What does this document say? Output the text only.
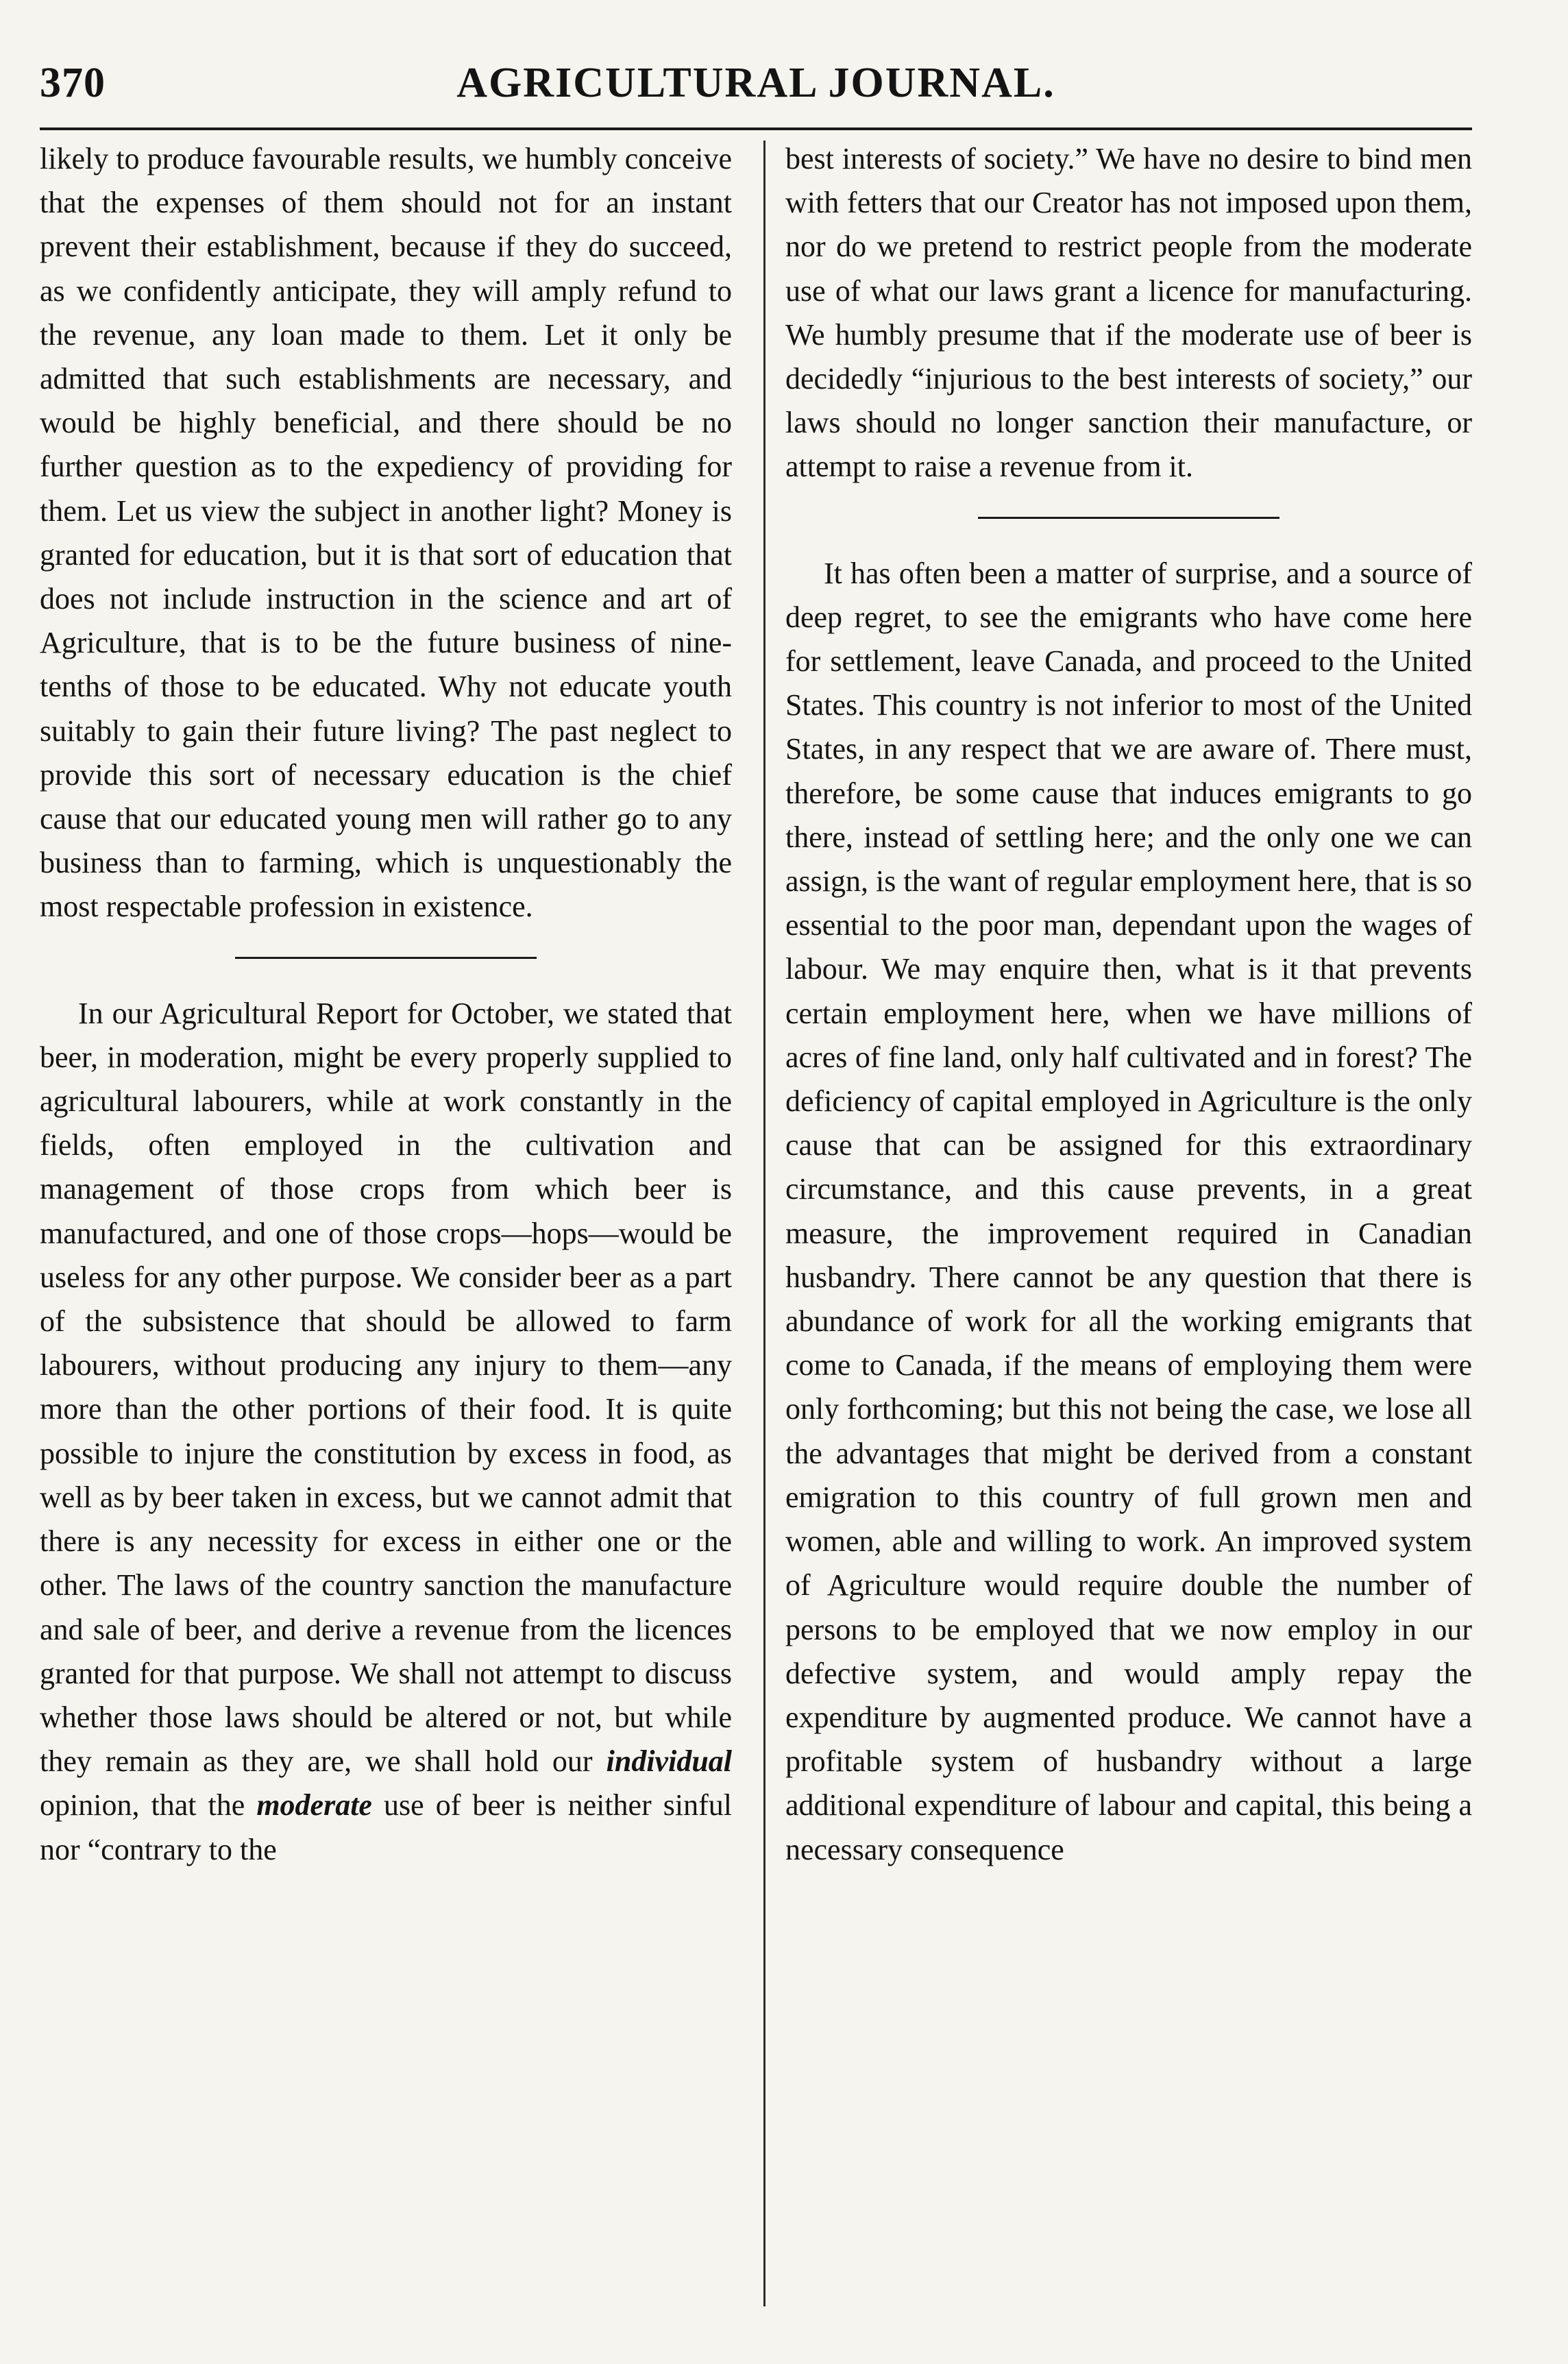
AGRICULTURAL JOURNAL.
370

likely to produce favourable results, we humbly conceive that the expenses of them should not for an instant prevent their establishment, because if they do succeed, as we confidently anticipate, they will amply refund to the revenue, any loan made to them. Let it only be admitted that such establishments are necessary, and would be highly beneficial, and there should be no further question as to the expediency of providing for them. Let us view the subject in another light? Money is granted for education, but it is that sort of education that does not include instruction in the science and art of Agriculture, that is to be the future business of nine-tenths of those to be educated. Why not educate youth suitably to gain their future living? The past neglect to provide this sort of necessary education is the chief cause that our educated young men will rather go to any business than to farming, which is unquestionably the most respectable profession in existence.

In our Agricultural Report for October, we stated that beer, in moderation, might be every properly supplied to agricultural labourers, while at work constantly in the fields, often employed in the cultivation and management of those crops from which beer is manufactured, and one of those crops—hops—would be useless for any other purpose. We consider beer as a part of the subsistence that should be allowed to farm labourers, without producing any injury to them—any more than the other portions of their food. It is quite possible to injure the constitution by excess in food, as well as by beer taken in excess, but we cannot admit that there is any necessity for excess in either one or the other. The laws of the country sanction the manufacture and sale of beer, and derive a revenue from the licences granted for that purpose. We shall not attempt to discuss whether those laws should be altered or not, but while they remain as they are, we shall hold our individual opinion, that the moderate use of beer is neither sinful nor “contrary to the

best interests of society.” We have no desire to bind men with fetters that our Creator has not imposed upon them, nor do we pretend to restrict people from the moderate use of what our laws grant a licence for manufacturing. We humbly presume that if the moderate use of beer is decidedly “injurious to the best interests of society,” our laws should no longer sanction their manufacture, or attempt to raise a revenue from it.

It has often been a matter of surprise, and a source of deep regret, to see the emigrants who have come here for settlement, leave Canada, and proceed to the United States. This country is not inferior to most of the United States, in any respect that we are aware of. There must, therefore, be some cause that induces emigrants to go there, instead of settling here; and the only one we can assign, is the want of regular employment here, that is so essential to the poor man, dependant upon the wages of labour. We may enquire then, what is it that prevents certain employment here, when we have millions of acres of fine land, only half cultivated and in forest? The deficiency of capital employed in Agriculture is the only cause that can be assigned for this extraordinary circumstance, and this cause prevents, in a great measure, the improvement required in Canadian husbandry. There cannot be any question that there is abundance of work for all the working emigrants that come to Canada, if the means of employing them were only forthcoming; but this not being the case, we lose all the advantages that might be derived from a constant emigration to this country of full grown men and women, able and willing to work. An improved system of Agriculture would require double the number of persons to be employed that we now employ in our defective system, and would amply repay the expenditure by augmented produce. We cannot have a profitable system of husbandry without a large additional expenditure of labour and capital, this being a necessary consequence
